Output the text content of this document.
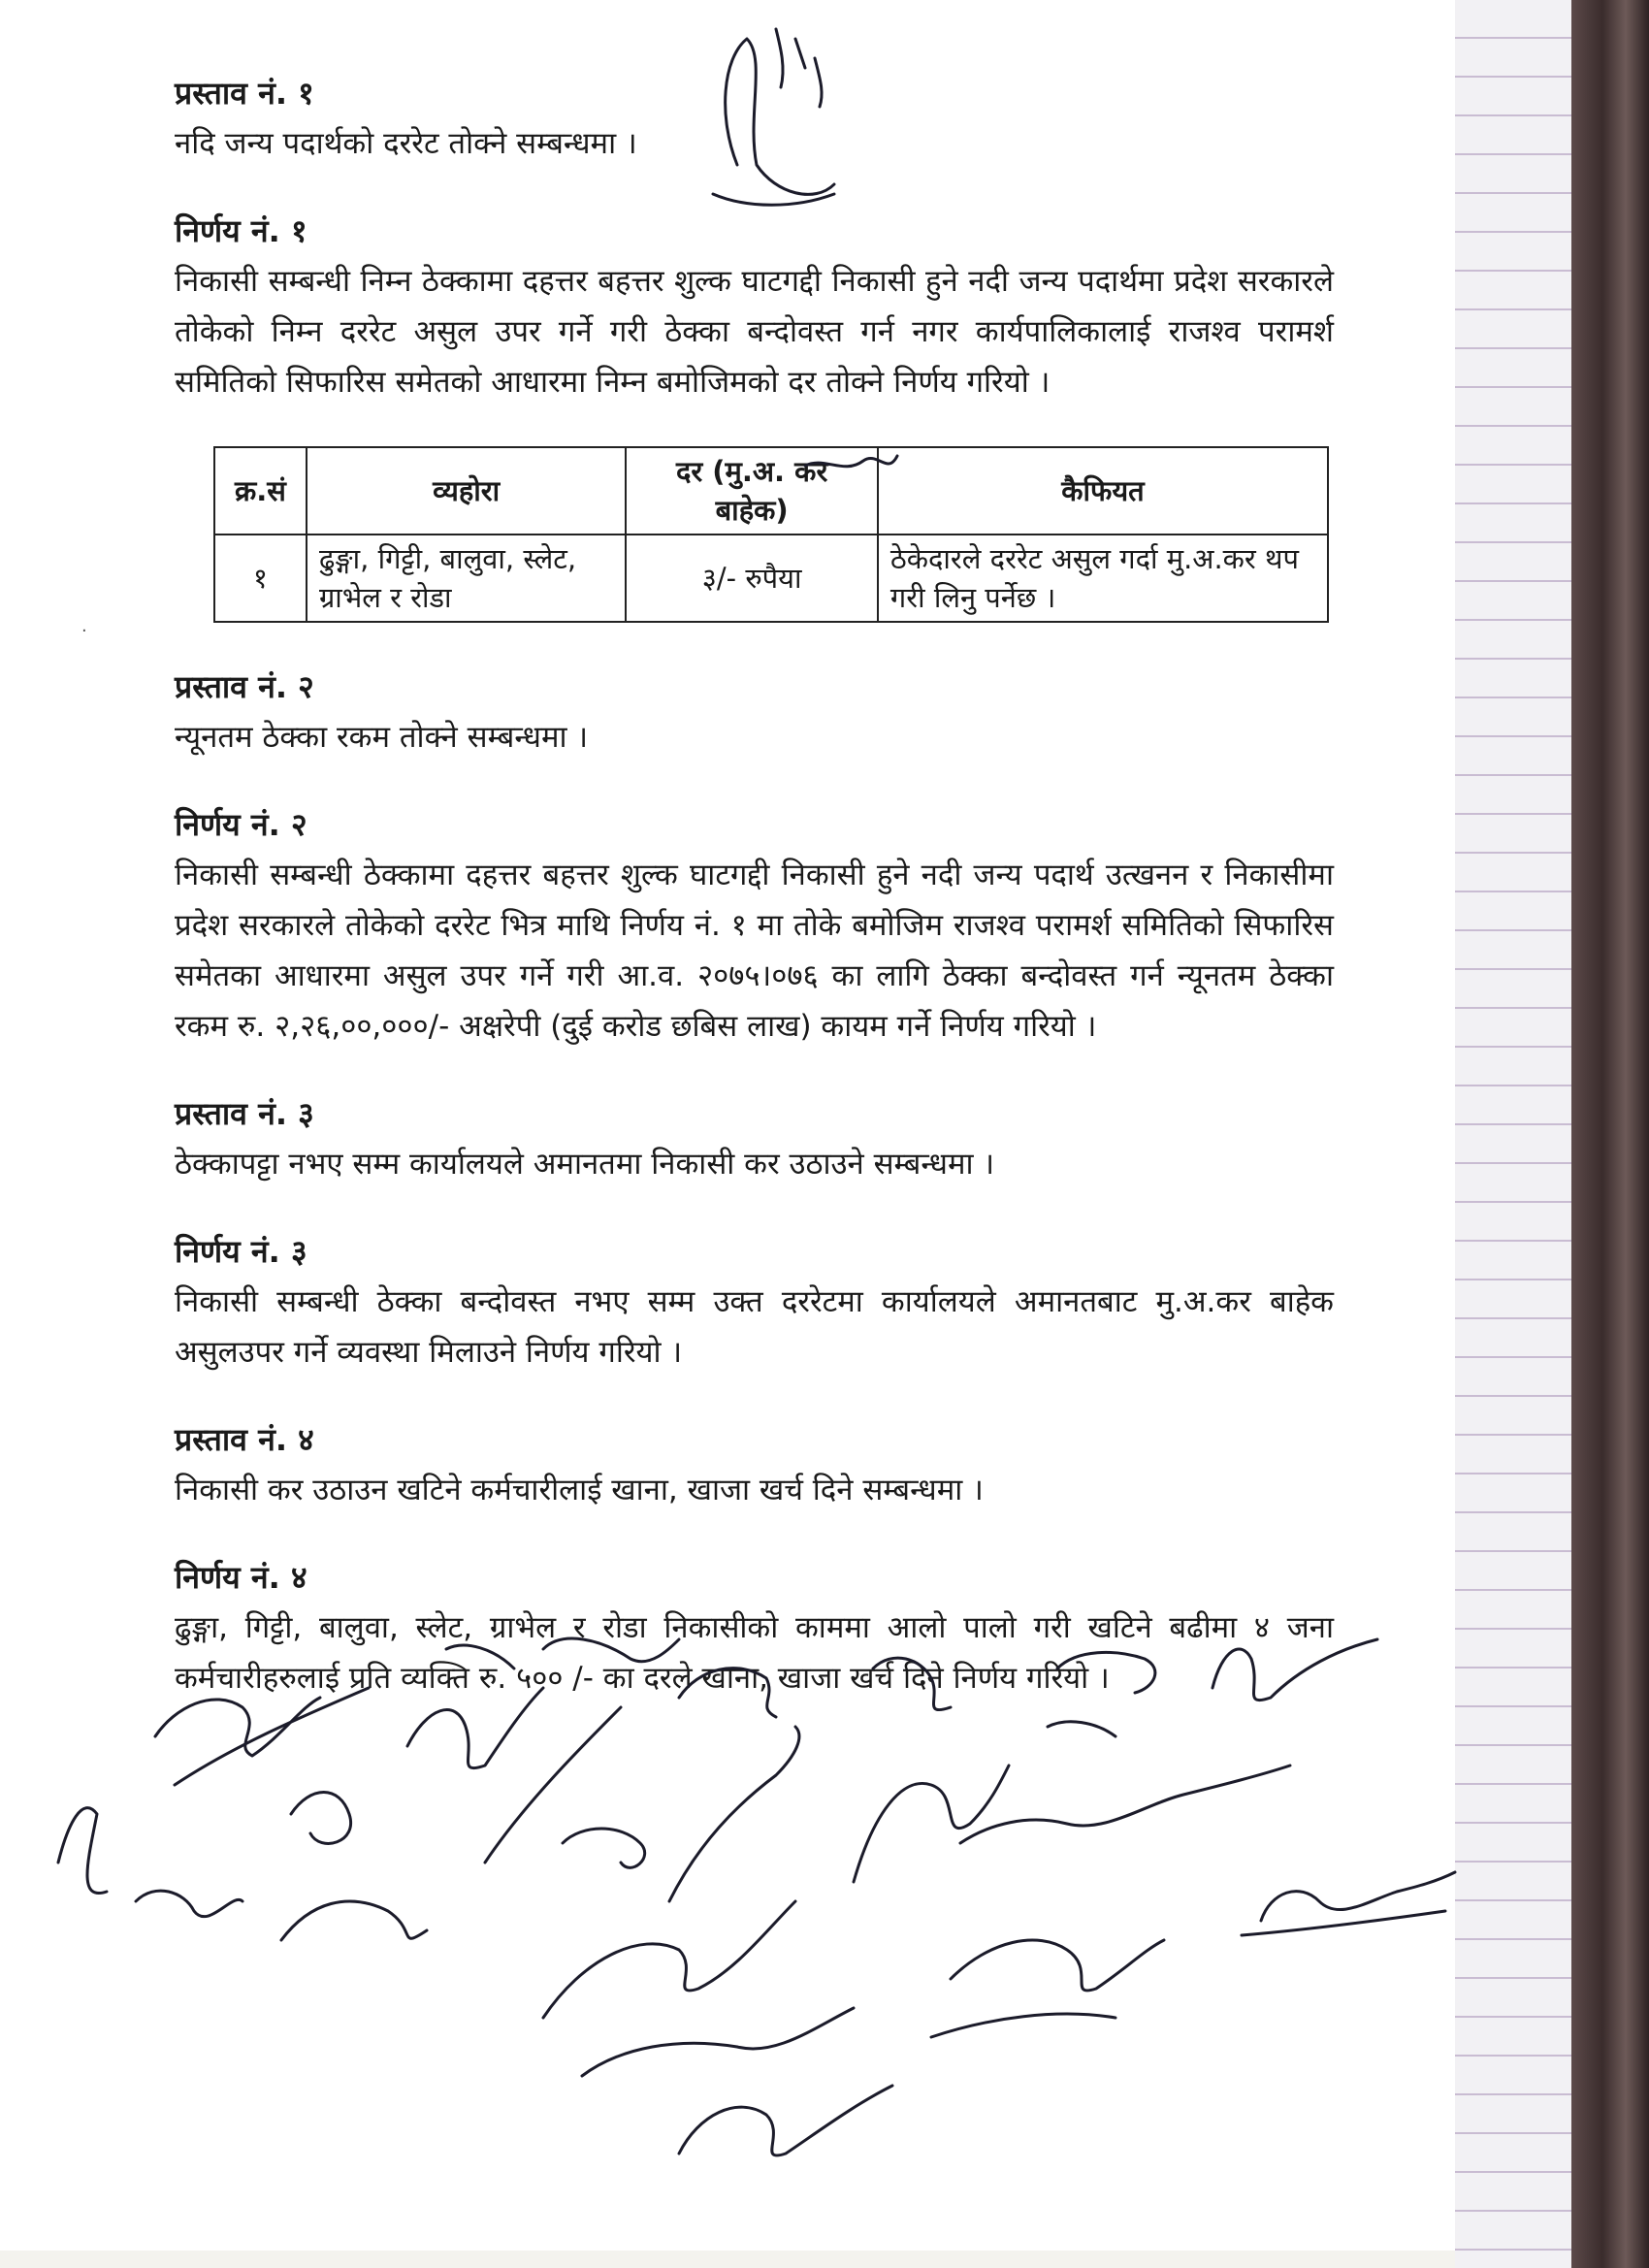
·

प्रस्ताव नं. १

नदि जन्य पदार्थको दररेट तोक्ने सम्बन्धमा ।

निर्णय नं. १

निकासी सम्बन्धी निम्न ठेक्कामा दहत्तर बहत्तर शुल्क घाटगद्दी निकासी हुने नदी जन्य पदार्थमा प्रदेश सरकारले तोकेको निम्न दररेट असुल उपर गर्ने गरी ठेक्का बन्दोवस्त गर्न नगर कार्यपालिकालाई राजश्व परामर्श समितिको सिफारिस समेतको आधारमा निम्न बमोजिमको दर तोक्ने निर्णय गरियो ।

क्र.सं	व्यहोरा	दर (मु.अ. कर बाहेक)	कैफियत
१	ढुङ्गा, गिट्टी, बालुवा, स्लेट, ग्राभेल र रोडा	३/- रुपैया	ठेकेदारले दररेट असुल गर्दा मु.अ.कर थप गरी लिनु पर्नेछ ।

प्रस्ताव नं. २

न्यूनतम ठेक्का रकम तोक्ने सम्बन्धमा ।

निर्णय नं. २

निकासी सम्बन्धी ठेक्कामा दहत्तर बहत्तर शुल्क घाटगद्दी निकासी हुने नदी जन्य पदार्थ उत्खनन र निकासीमा प्रदेश सरकारले तोकेको दररेट भित्र माथि निर्णय नं. १ मा तोके बमोजिम राजश्व परामर्श समितिको सिफारिस समेतका आधारमा असुल उपर गर्ने गरी आ.व. २०७५।०७६ का लागि ठेक्का बन्दोवस्त गर्न न्यूनतम ठेक्का रकम रु. २,२६,००,०००/- अक्षरेपी (दुई करोड छबिस लाख) कायम गर्ने निर्णय गरियो ।

प्रस्ताव नं. ३

ठेक्कापट्टा नभए सम्म कार्यालयले अमानतमा निकासी कर उठाउने सम्बन्धमा ।

निर्णय नं. ३

निकासी सम्बन्धी ठेक्का बन्दोवस्त नभए सम्म उक्त दररेटमा कार्यालयले अमानतबाट मु.अ.कर बाहेक असुलउपर गर्ने व्यवस्था मिलाउने निर्णय गरियो ।

प्रस्ताव नं. ४

निकासी कर उठाउन खटिने कर्मचारीलाई खाना, खाजा खर्च दिने सम्बन्धमा ।

निर्णय नं. ४

ढुङ्गा, गिट्टी, बालुवा, स्लेट, ग्राभेल र रोडा निकासीको काममा आलो पालो गरी खटिने बढीमा ४ जना कर्मचारीहरुलाई प्रति व्यक्ति रु. ५०० /- का दरले खाना, खाजा खर्च दिने निर्णय गरियो ।
